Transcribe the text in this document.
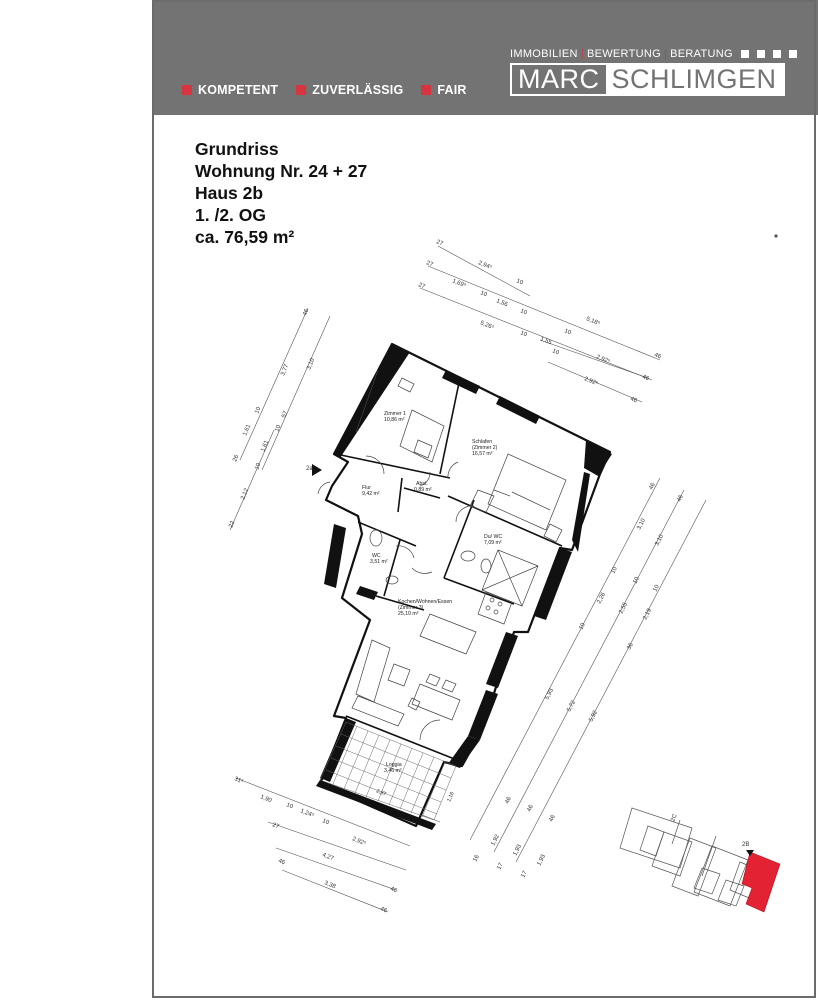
KOMPETENT	ZUVERLÄSSIG	FAIR
IMMOBILIEN | BEWERTUNG | BERATUNG
MARC SCHLIMGEN
Grundriss
Wohnung Nr. 24 + 27
Haus 2b
1. /2. OG
ca. 76,59 m²	27
2,94⁵
10
27
1,69⁵
10
1,56
10
5,18⁵
27
5,26⁵
10
1,55
10
2,92⁵	46
10
2,92⁵	46
46
46
3,77	3,10
10	57
10
1,61
26
1,61
10
2,12
22
46
3,10
46
3,10
10
2,26
10
2,55
10
2,19
10
36
5,93
5,72
5,92
31⁵
1,90
10
1,24⁵
10
2,92⁵
27
4,27
46
3,38
46
46
1,92
1,93
1,93
16
17
17
46
46
46
2a
Zimmer 1
10,86 m²
Schlafen
(Zimmer 2)
16,57 m²
Flur
9,42 m²
Abst.
0,89 m²
Du/ WC
7,09 m²
WC
3,51 m²
Kochen/Wohnen/Essen
(Zimmer 3)
25,10 m²
Loggia
3,46 m²
2,87	1,16
2C
2B
